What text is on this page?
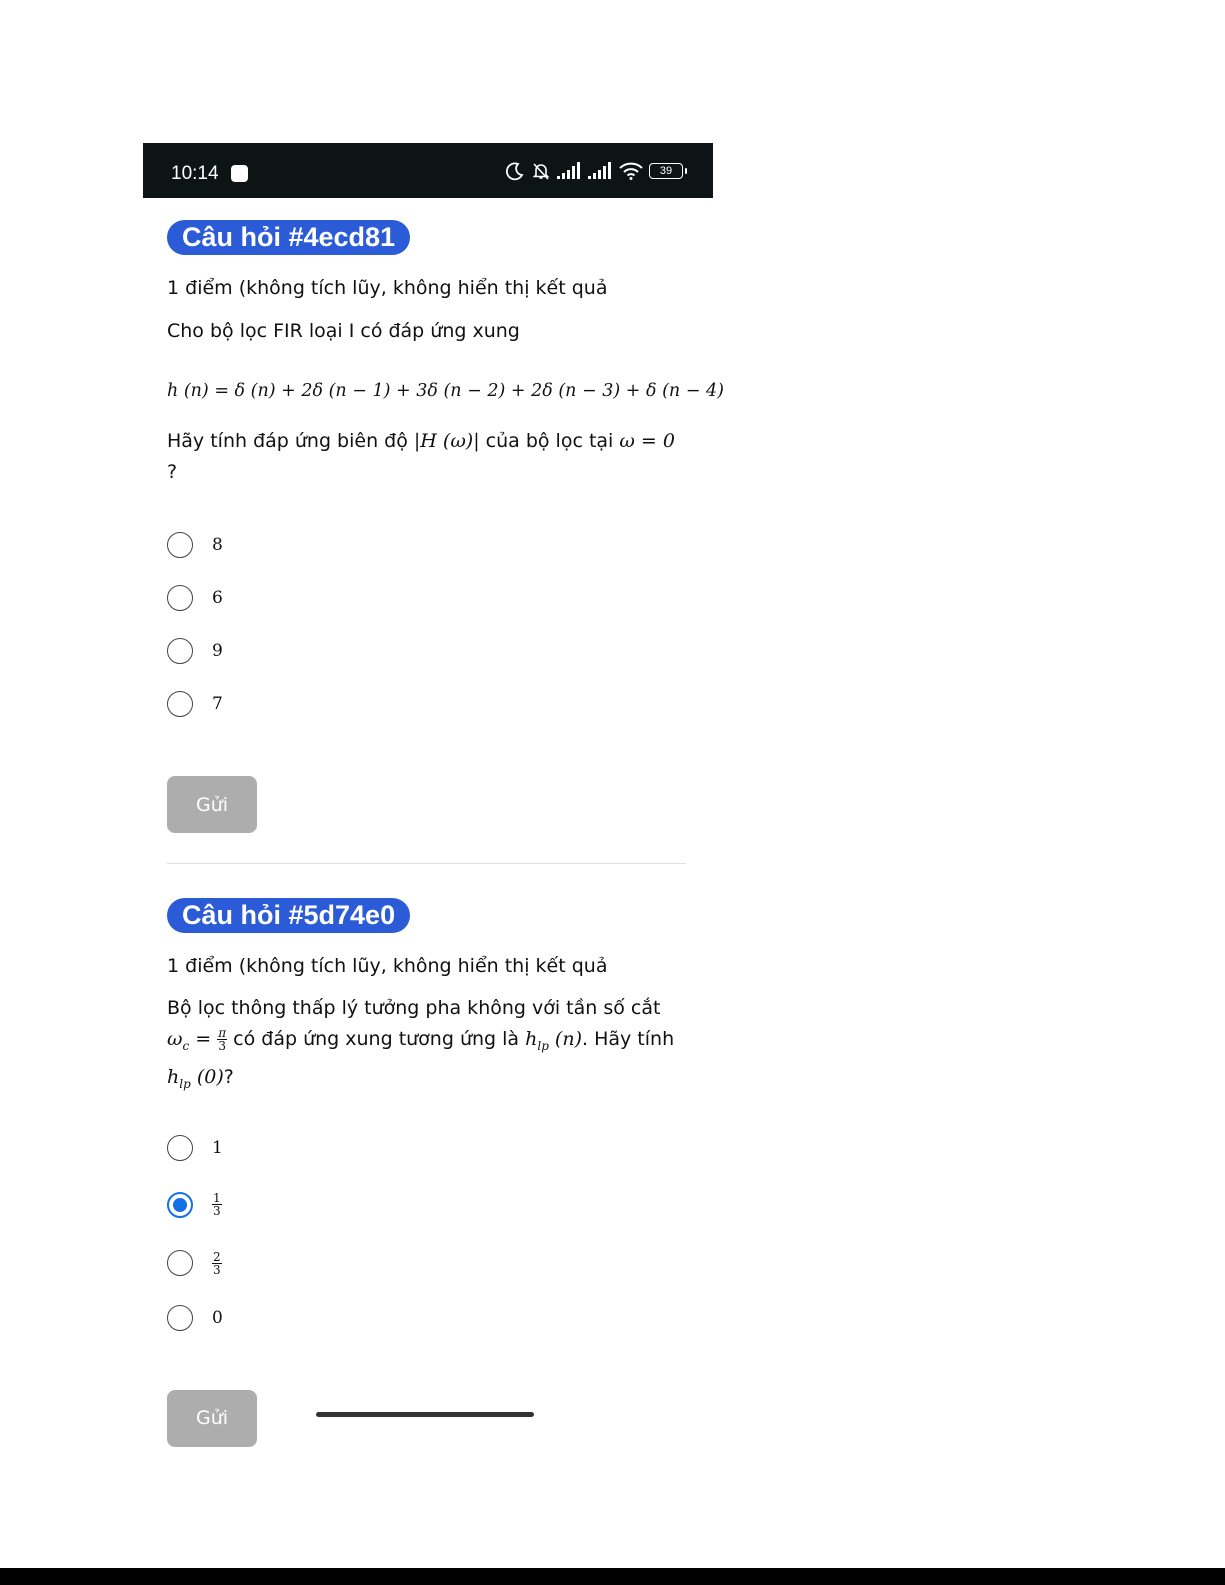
10:14	39
Câu hỏi #4ecd81
1 điểm (không tích lũy, không hiển thị kết quả
Cho bộ lọc FIR loại I có đáp ứng xung
h (n) = δ (n) + 2δ (n − 1) + 3δ (n − 2) + 2δ (n − 3) + δ (n − 4)
Hãy tính đáp ứng biên độ |H (ω)| của bộ lọc tại ω = 0 ?
8
6
9
7
Gửi
Câu hỏi #5d74e0
1 điểm (không tích lũy, không hiển thị kết quả
Bộ lọc thông thấp lý tưởng pha không với tần số cắt
$\omega_c = \frac{\pi}{3}$ có đáp ứng xung tương ứng là $h_{lp}$ (n). Hãy tính
$h_{lp}$ (0)?
1
$\frac{1}{3}$
$\frac{2}{3}$
0
Gửi
